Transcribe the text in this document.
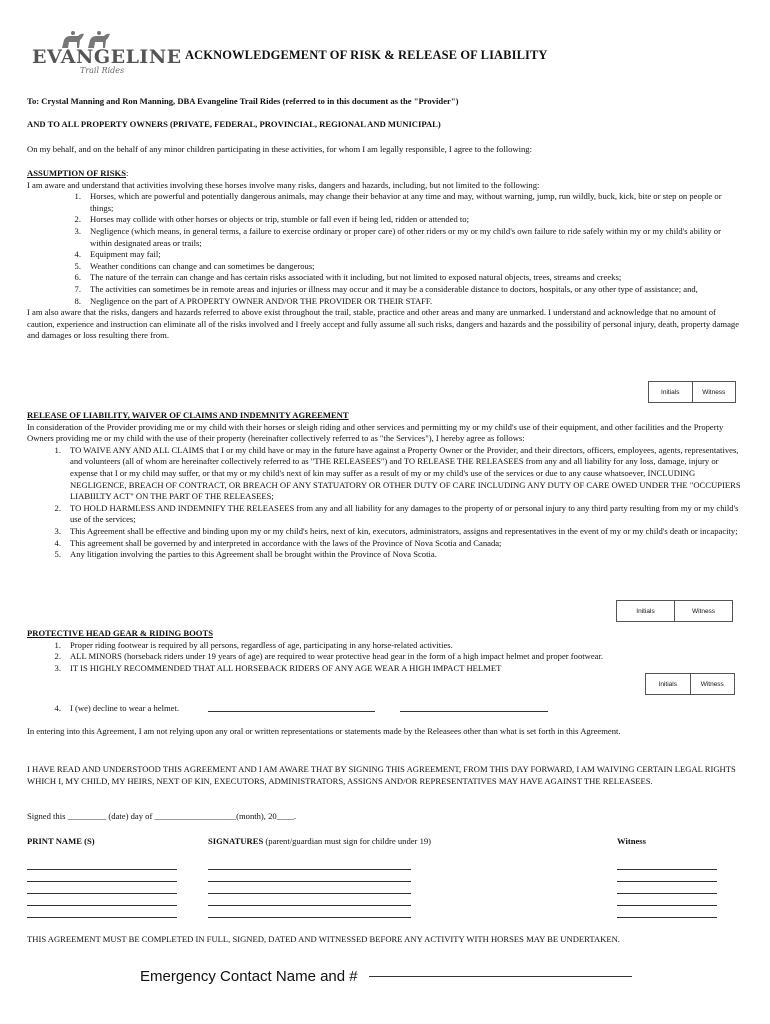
EVANGELINE
Trail Rides
ACKNOWLEDGEMENT OF RISK & RELEASE OF LIABILITY
To: Crystal Manning and Ron Manning, DBA Evangeline Trail Rides (referred to in this document as the "Provider")
AND TO ALL PROPERTY OWNERS (PRIVATE, FEDERAL, PROVINCIAL, REGIONAL AND MUNICIPAL)
On my behalf, and on the behalf of any minor children participating in these activities, for whom I am legally responsible, I agree to the following:
ASSUMPTION OF RISKS:
I am aware and understand that activities involving these horses involve many risks, dangers and hazards, including, but not limited to the following:
1.	Horses, which are powerful and potentially dangerous animals, may change their behavior at any time and may, without warning, jump, run wildly, buck, kick, bite or step on people or things;
2.	Horses may collide with other horses or objects or trip, stumble or fall even if being led, ridden or attended to;
3.	Negligence (which means, in general terms, a failure to exercise ordinary or proper care) of other riders or my or my child's own failure to ride safely within my or my child's ability or within designated areas or trails;
4.	Equipment may fail;
5.	Weather conditions can change and can sometimes be dangerous;
6.	The nature of the terrain can change and has certain risks associated with it including, but not limited to exposed natural objects, trees, streams and creeks;
7.	The activities can sometimes be in remote areas and injuries or illness may occur and it may be a considerable distance to doctors, hospitals, or any other type of assistance; and,
8.	Negligence on the part of A PROPERTY OWNER AND/OR THE PROVIDER OR THEIR STAFF.
I am also aware that the risks, dangers and hazards referred to above exist throughout the trail, stable, practice and other areas and many are unmarked. I understand and acknowledge that no amount of caution, experience and instruction can eliminate all of the risks involved and I freely accept and fully assume all such risks, dangers and hazards and the possibility of personal injury, death, property damage and damages or loss resulting there from.
Initials	Witness
RELEASE OF LIABILITY, WAIVER OF CLAIMS AND INDEMNITY AGREEMENT
In consideration of the Provider providing me or my child with their horses or sleigh riding and other services and permitting my or my child's use of their equipment, and other facilities and the Property Owners providing me or my child with the use of their property (hereinafter collectively referred to as "the Services"), I hereby agree as follows:
1.	TO WAIVE ANY AND ALL CLAIMS that I or my child have or may in the future have against a Property Owner or the Provider, and their directors, officers, employees, agents, representatives, and volunteers (all of whom are hereinafter collectively referred to as "THE RELEASEES") and TO RELEASE THE RELEASEES from any and all liability for any loss, damage, injury or expense that I or my child may suffer, or that my or my child's next of kin may suffer as a result of my or my child's use of the services or due to any cause whatsoever, INCLUDING NEGLIGENCE, BREACH OF CONTRACT, OR BREACH OF ANY STATUATORY OR OTHER DUTY OF CARE INCLUDING ANY DUTY OF CARE OWED UNDER THE "OCCUPIERS LIABIILTY ACT" ON THE PART OF THE RELEASEES;
2.	TO HOLD HARMLESS AND INDEMNIFY THE RELEASEES from any and all liability for any damages to the property of or personal injury to any third party resulting from my or my child's use of the services;
3.	This Agreement shall be effective and binding upon my or my child's heirs, next of kin, executors, administrators, assigns and representatives in the event of my or my child's death or incapacity;
4.	This agreement shall be governed by and interpreted in accordance with the laws of the Province of Nova Scotia and Canada;
5.	Any litigation involving the parties to this Agreement shall be brought within the Province of Nova Scotia.
Initials	Witness
PROTECTIVE HEAD GEAR & RIDING BOOTS
1.	Proper riding footwear is required by all persons, regardless of age, participating in any horse-related activities.
2.	ALL MINORS (horseback riders under 19 years of age) are required to wear protective head gear in the form of a high impact helmet and proper footwear.
3.	IT IS HIGHLY RECOMMENDED THAT ALL HORSEBACK RIDERS OF ANY AGE WEAR A HIGH IMPACT HELMET
Initials	Witness
4. I (we) decline to wear a helmet.
In entering into this Agreement, I am not relying upon any oral or written representations or statements made by the Releasees other than what is set forth in this Agreement.
I HAVE READ AND UNDERSTOOD THIS AGREEMENT AND I AM AWARE THAT BY SIGNING THIS AGREEMENT, FROM THIS DAY FORWARD, I AM WAIVING CERTAIN LEGAL RIGHTS WHICH I, MY CHILD, MY HEIRS, NEXT OF KIN, EXECUTORS, ADMINISTRATORS, ASSIGNS AND/OR REPRESENTATIVES MAY HAVE AGAINST THE RELEASEES.
Signed this _________ (date) day of ___________________(month), 20____.
PRINT NAME (S)	SIGNATURES (parent/guardian must sign for childre under 19)	Witness
THIS AGREEMENT MUST BE COMPLETED IN FULL, SIGNED, DATED AND WITNESSED BEFORE ANY ACTIVITY WITH HORSES MAY BE UNDERTAKEN.
Emergency Contact Name and #
